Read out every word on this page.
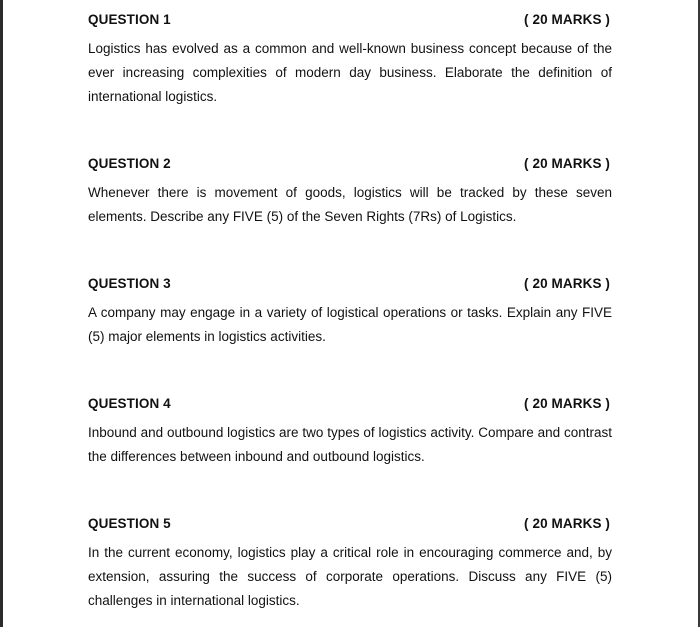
QUESTION 1	( 20 MARKS )

Logistics has evolved as a common and well-known business concept because of the ever increasing complexities of modern day business. Elaborate the definition of international logistics.

QUESTION 2	( 20 MARKS )

Whenever there is movement of goods, logistics will be tracked by these seven elements. Describe any FIVE (5) of the Seven Rights (7Rs) of Logistics.

QUESTION 3	( 20 MARKS )

A company may engage in a variety of logistical operations or tasks. Explain any FIVE (5) major elements in logistics activities.

QUESTION 4	( 20 MARKS )

Inbound and outbound logistics are two types of logistics activity. Compare and contrast the differences between inbound and outbound logistics.

QUESTION 5	( 20 MARKS )

In the current economy, logistics play a critical role in encouraging commerce and, by extension, assuring the success of corporate operations. Discuss any FIVE (5) challenges in international logistics.
